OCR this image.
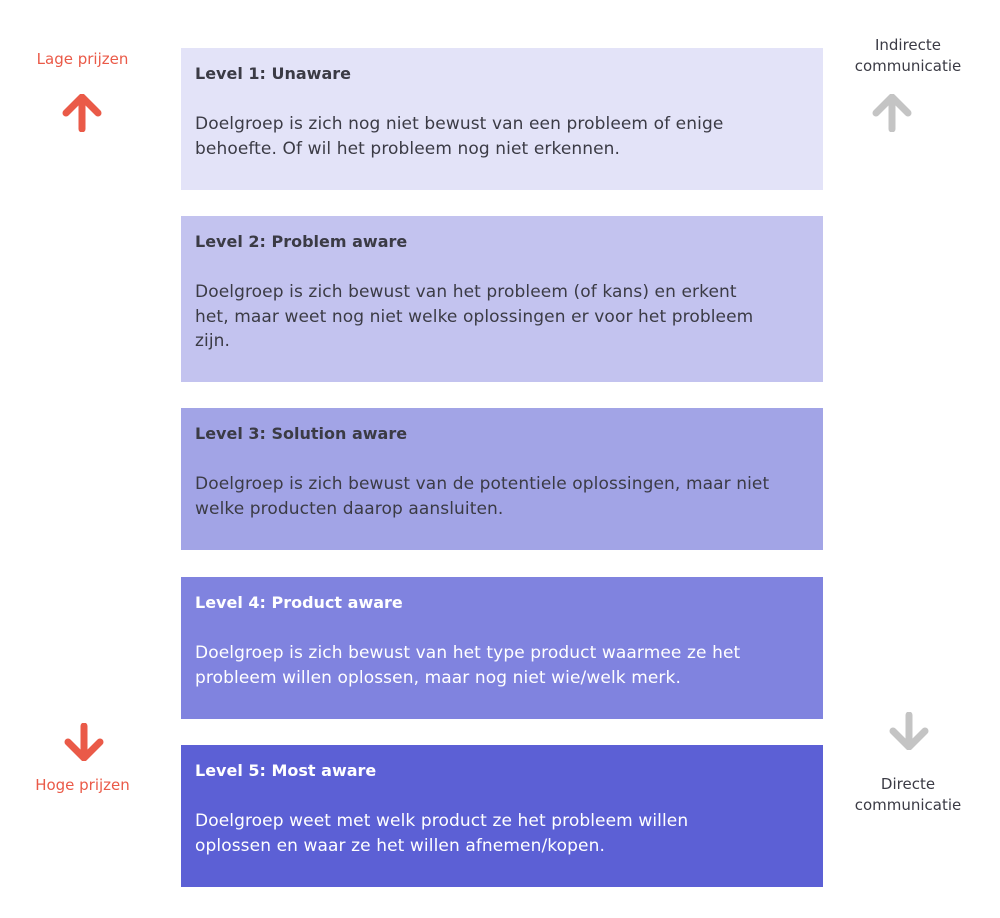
Lage prijzen
Hoge prijzen
Indirecte
communicatie
Directe
communicatie

Level 1: Unaware

Doelgroep is zich nog niet bewust van een probleem of enige
behoefte. Of wil het probleem nog niet erkennen.

Level 2: Problem aware

Doelgroep is zich bewust van het probleem (of kans) en erkent
het, maar weet nog niet welke oplossingen er voor het probleem
zijn.

Level 3: Solution aware

Doelgroep is zich bewust van de potentiele oplossingen, maar niet
welke producten daarop aansluiten.

Level 4: Product aware

Doelgroep is zich bewust van het type product waarmee ze het
probleem willen oplossen, maar nog niet wie/welk merk.

Level 5: Most aware

Doelgroep weet met welk product ze het probleem willen
oplossen en waar ze het willen afnemen/kopen.
